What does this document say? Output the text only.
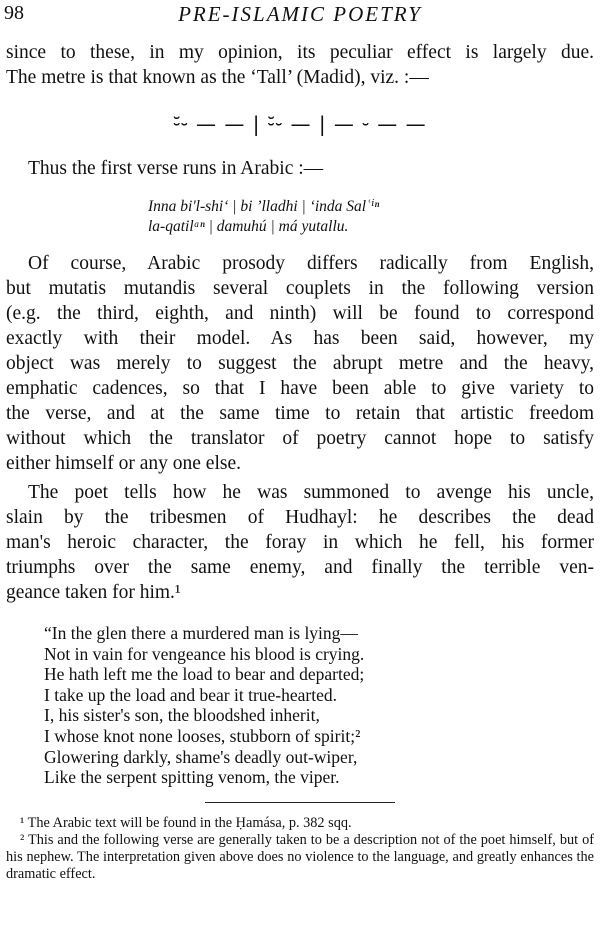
98	PRE-ISLAMIC POETRY

since to these, in my opinion, its peculiar effect is largely due.
The metre is that known as the ‘Tall’ (Madid), viz. :—

⏑̆⏑ — — | ⏑̆⏑ — | — ⏑ — —

Thus the first verse runs in Arabic :—

Inna bi'l-shi‘ | bi ’lladhi | ‘inda Salʿⁱⁿ
la-qatilᵃⁿ | damuhú | má yutallu.

Of course, Arabic prosody differs radically from English,
but mutatis mutandis several couplets in the following version
(e.g. the third, eighth, and ninth) will be found to correspond
exactly with their model. As has been said, however, my
object was merely to suggest the abrupt metre and the heavy,
emphatic cadences, so that I have been able to give variety to
the verse, and at the same time to retain that artistic freedom
without which the translator of poetry cannot hope to satisfy
either himself or any one else.

The poet tells how he was summoned to avenge his uncle,
slain by the tribesmen of Hudhayl: he describes the dead
man's heroic character, the foray in which he fell, his former
triumphs over the same enemy, and finally the terrible ven-
geance taken for him.¹

“In the glen there a murdered man is lying—
Not in vain for vengeance his blood is crying.
He hath left me the load to bear and departed;
I take up the load and bear it true-hearted.
I, his sister's son, the bloodshed inherit,
I whose knot none looses, stubborn of spirit;²
Glowering darkly, shame's deadly out-wiper,
Like the serpent spitting venom, the viper.
¹ The Arabic text will be found in the Ḥamása, p. 382 sqq.
² This and the following verse are generally taken to be a description not of the poet himself, but of his nephew. The interpretation given above does no violence to the language, and greatly enhances the dramatic effect.
